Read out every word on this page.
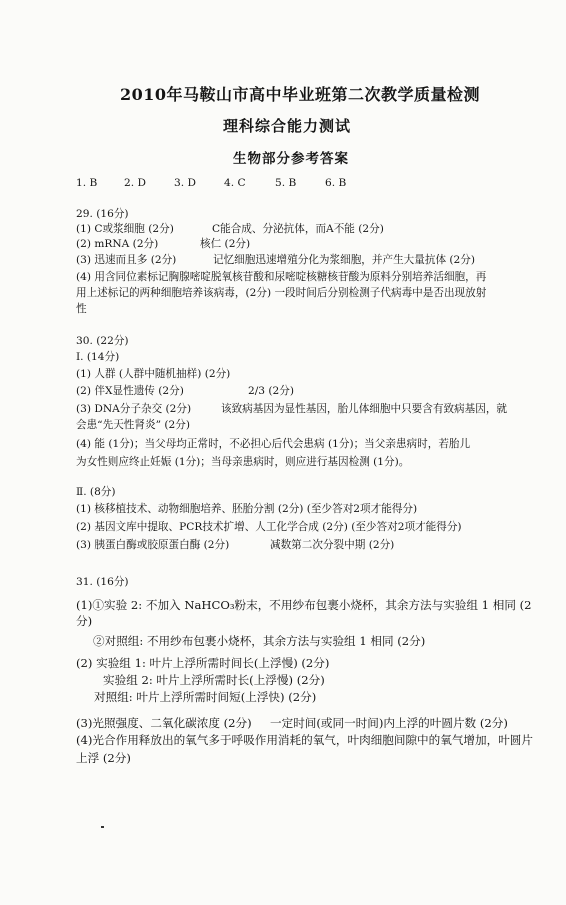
2010年马鞍山市高中毕业班第二次教学质量检测
理科综合能力测试
生物部分参考答案
1. B	2. D	3. D	4. C	5. B	6. B
29. (16分)
(1) C或浆细胞 (2分)	C能合成、分泌抗体，而A不能 (2分)
(2) mRNA (2分)	核仁 (2分)
(3) 迅速而且多 (2分)	记忆细胞迅速增殖分化为浆细胞，并产生大量抗体 (2分)
(4) 用含同位素标记胸腺嘧啶脱氧核苷酸和尿嘧啶核糖核苷酸为原料分别培养活细胞，再
用上述标记的两种细胞培养该病毒，(2分) 一段时间后分别检测子代病毒中是否出现放射
性
30. (22分)
Ⅰ. (14分)
(1) 人群 (人群中随机抽样) (2分)
(2) 伴X显性遗传 (2分)	2/3 (2分)
(3) DNA分子杂交 (2分)	该致病基因为显性基因，胎儿体细胞中只要含有致病基因，就
会患“先天性肾炎” (2分)
(4) 能 (1分)；当父母均正常时，不必担心后代会患病 (1分)；当父亲患病时，若胎儿
为女性则应终止妊娠 (1分)；当母亲患病时，则应进行基因检测 (1分)。
Ⅱ. (8分)
(1) 核移植技术、动物细胞培养、胚胎分割 (2分) (至少答对2项才能得分)
(2) 基因文库中提取、PCR技术扩增、人工化学合成 (2分) (至少答对2项才能得分)
(3) 胰蛋白酶或胶原蛋白酶 (2分)	减数第二次分裂中期 (2分)
31. (16分)
(1)①实验 2: 不加入 NaHCO₃粉末，不用纱布包裹小烧杯，其余方法与实验组 1 相同 (2
分)
②对照组: 不用纱布包裹小烧杯，其余方法与实验组 1 相同 (2分)
(2) 实验组 1: 叶片上浮所需时间长(上浮慢) (2分)
实验组 2: 叶片上浮所需时长(上浮慢) (2分)
对照组: 叶片上浮所需时间短(上浮快) (2分)
(3)光照强度、二氧化碳浓度 (2分) 一定时间(或同一时间)内上浮的叶圆片数 (2分)
(4)光合作用释放出的氧气多于呼吸作用消耗的氧气，叶肉细胞间隙中的氧气增加，叶圆片
上浮 (2分)
